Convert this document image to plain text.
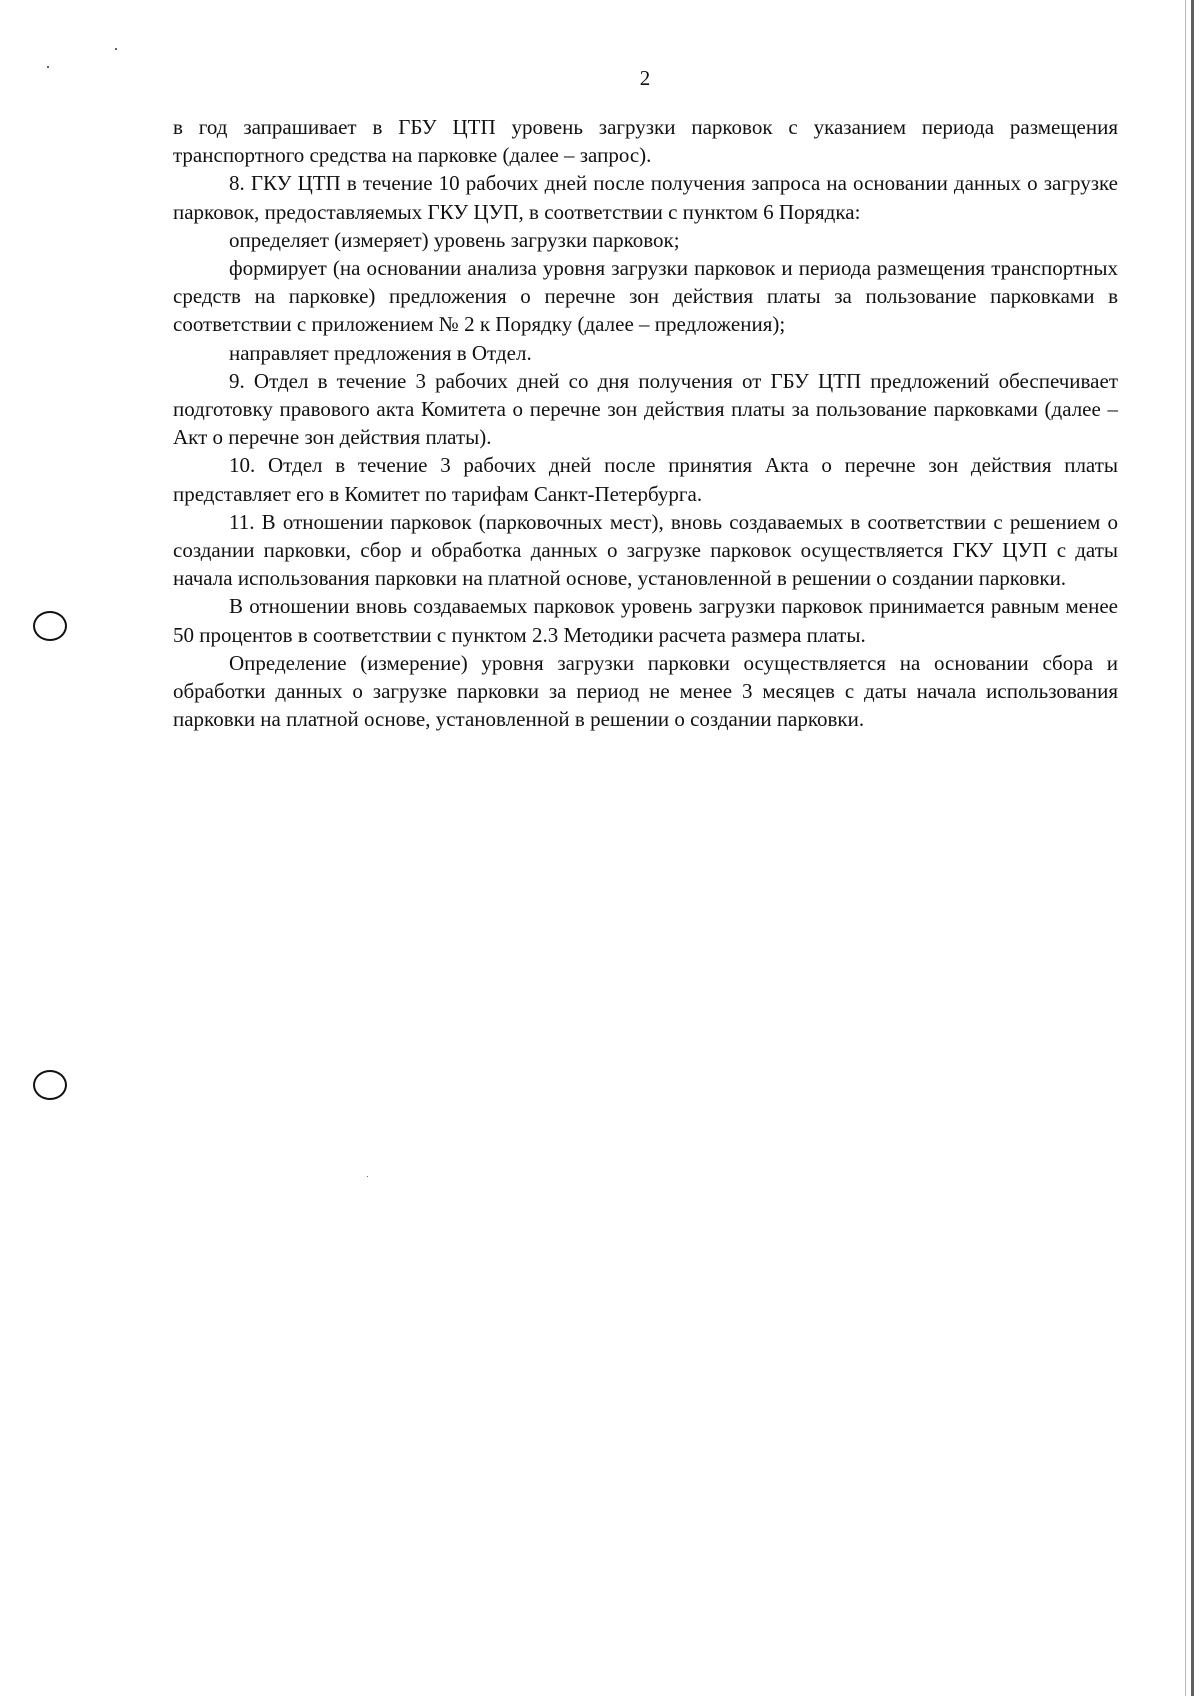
2

в год запрашивает в ГБУ ЦТП уровень загрузки парковок с указанием периода размещения транспортного средства на парковке (далее – запрос).

8. ГКУ ЦТП в течение 10 рабочих дней после получения запроса на основании данных о загрузке парковок, предоставляемых ГКУ ЦУП, в соответствии с пунктом 6 Порядка:

определяет (измеряет) уровень загрузки парковок;

формирует (на основании анализа уровня загрузки парковок и периода размещения транспортных средств на парковке) предложения о перечне зон действия платы за пользование парковками в соответствии с приложением № 2 к Порядку (далее – предложения);

направляет предложения в Отдел.

9. Отдел в течение 3 рабочих дней со дня получения от ГБУ ЦТП предложений обеспечивает подготовку правового акта Комитета о перечне зон действия платы за пользование парковками (далее – Акт о перечне зон действия платы).

10. Отдел в течение 3 рабочих дней после принятия Акта о перечне зон действия платы представляет его в Комитет по тарифам Санкт-Петербурга.

11. В отношении парковок (парковочных мест), вновь создаваемых в соответствии с решением о создании парковки, сбор и обработка данных о загрузке парковок осуществляется ГКУ ЦУП с даты начала использования парковки на платной основе, установленной в решении о создании парковки.

В отношении вновь создаваемых парковок уровень загрузки парковок принимается равным менее 50 процентов в соответствии с пунктом 2.3 Методики расчета размера платы.

Определение (измерение) уровня загрузки парковки осуществляется на основании сбора и обработки данных о загрузке парковки за период не менее 3 месяцев с даты начала использования парковки на платной основе, установленной в решении о создании парковки.
